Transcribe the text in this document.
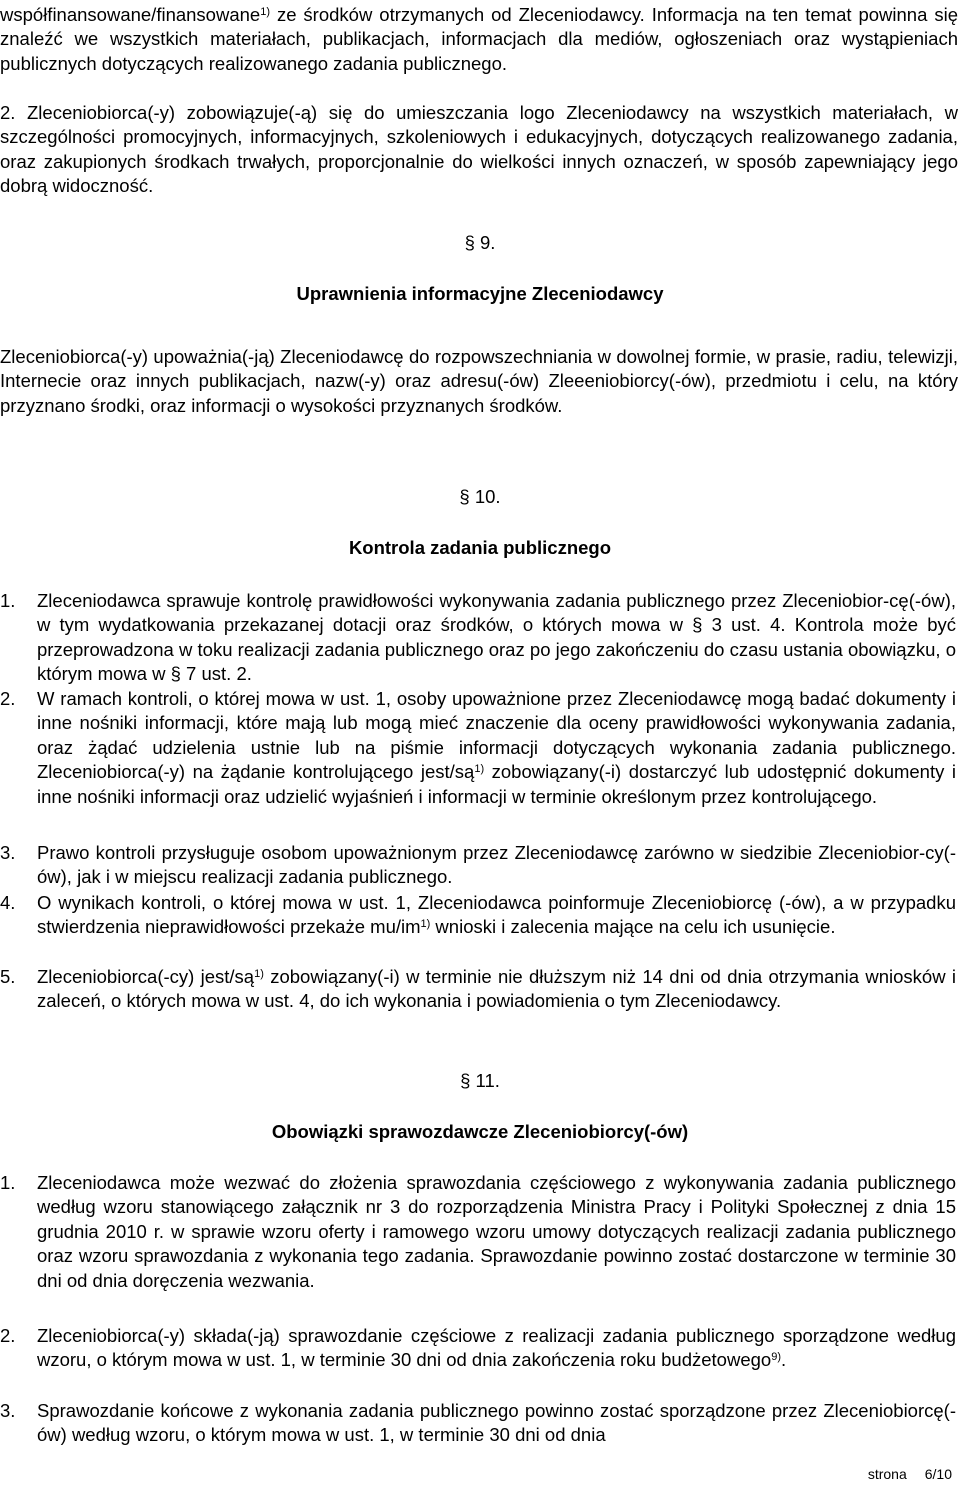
współfinansowane/finansowane$^{1)}$ ze środków otrzymanych od Zleceniodawcy. Informacja na ten temat powinna się znaleźć we wszystkich materiałach, publikacjach, informacjach dla mediów, ogłoszeniach oraz wystąpieniach publicznych dotyczących realizowanego zadania publicznego.

2. Zleceniobiorca(-y) zobowiązuje(-ą) się do umieszczania logo Zleceniodawcy na wszystkich materiałach, w szczególności promocyjnych, informacyjnych, szkoleniowych i edukacyjnych, dotyczących realizowanego zadania, oraz zakupionych środkach trwałych, proporcjonalnie do wielkości innych oznaczeń, w sposób zapewniający jego dobrą widoczność.

§ 9.
Uprawnienia informacyjne Zleceniodawcy

Zleceniobiorca(-y) upoważnia(-ją) Zleceniodawcę do rozpowszechniania w dowolnej formie, w prasie, radiu, telewizji, Internecie oraz innych publikacjach, nazw(-y) oraz adresu(-ów) Zleeeniobiorcy(-ów), przedmiotu i celu, na który przyznano środki, oraz informacji o wysokości przyznanych środków.

§ 10.
Kontrola zadania publicznego
1. Zleceniodawca sprawuje kontrolę prawidłowości wykonywania zadania publicznego przez Zleceniobior-cę(-ów), w tym wydatkowania przekazanej dotacji oraz środków, o których mowa w § 3 ust. 4. Kontrola może być przeprowadzona w toku realizacji zadania publicznego oraz po jego zakończeniu do czasu ustania obowiązku, o którym mowa w § 7 ust. 2.
2. W ramach kontroli, o której mowa w ust. 1, osoby upoważnione przez Zleceniodawcę mogą badać dokumenty i inne nośniki informacji, które mają lub mogą mieć znaczenie dla oceny prawidłowości wykonywania zadania, oraz żądać udzielenia ustnie lub na piśmie informacji dotyczących wykonania zadania publicznego. Zleceniobiorca(-y) na żądanie kontrolującego jest/$są^{1)}$ zobowiązany(-i) dostarczyć lub udostępnić dokumenty i inne nośniki informacji oraz udzielić wyjaśnień i informacji w terminie określonym przez kontrolującego.
3. Prawo kontroli przysługuje osobom upoważnionym przez Zleceniodawcę zarówno w siedzibie Zleceniobior-cy(-ów), jak i w miejscu realizacji zadania publicznego.
4. O wynikach kontroli, o której mowa w ust. 1, Zleceniodawca poinformuje Zleceniobiorcę (-ów), a w przypadku stwierdzenia nieprawidłowości przekaże $mu/im^{1)}$ wnioski i zalecenia mające na celu ich usunięcie.
5. Zleceniobiorca(-cy) jest/$są^{1)}$ zobowiązany(-i) w terminie nie dłuższym niż 14 dni od dnia otrzymania wniosków i zaleceń, o których mowa w ust. 4, do ich wykonania i powiadomienia o tym Zleceniodawcy.
§ 11.
Obowiązki sprawozdawcze Zleceniobiorcy(-ów)
1. Zleceniodawca może wezwać do złożenia sprawozdania częściowego z wykonywania zadania publicznego według wzoru stanowiącego załącznik nr 3 do rozporządzenia Ministra Pracy i Polityki Społecznej z dnia 15 grudnia 2010 r. w sprawie wzoru oferty i ramowego wzoru umowy dotyczących realizacji zadania publicznego oraz wzoru sprawozdania z wykonania tego zadania. Sprawozdanie powinno zostać dostarczone w terminie 30 dni od dnia doręczenia wezwania.
2. Zleceniobiorca(-y) składa(-ją) sprawozdanie częściowe z realizacji zadania publicznego sporządzone według wzoru, o którym mowa w ust. 1, w terminie 30 dni od dnia zakończenia roku budżetowego$^{9)}$.
3. Sprawozdanie końcowe z wykonania zadania publicznego powinno zostać sporządzone przez Zleceniobiorcę(-ów) według wzoru, o którym mowa w ust. 1, w terminie 30 dni od dnia
strona 6/10
